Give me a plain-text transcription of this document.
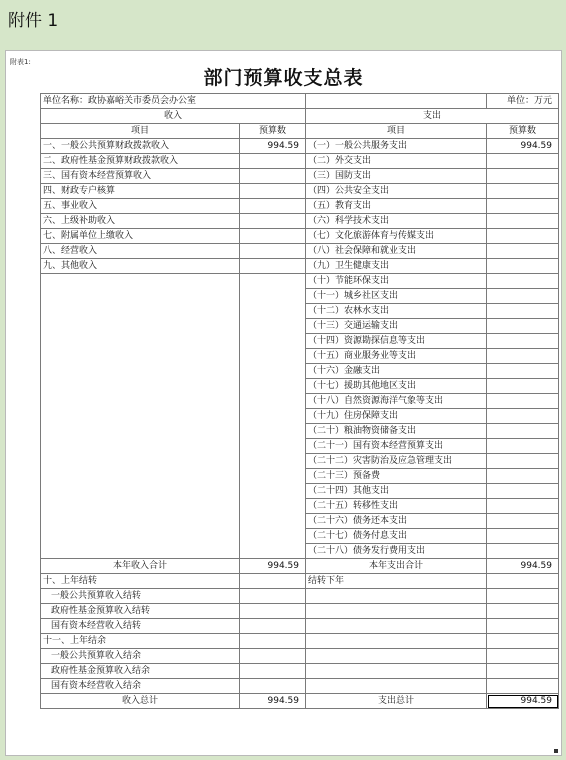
附件 1
附表1:
部门预算收支总表
单位名称：政协嘉峪关市委员会办公室			单位：万元
收入		支出	
项目	预算数	项目	预算数
一、一般公共预算财政拨款收入	994.59	（一）一般公共服务支出	994.59
二、政府性基金预算财政拨款收入		（二）外交支出	
三、国有资本经营预算收入		（三）国防支出	
四、财政专户核算		（四）公共安全支出	
五、事业收入		（五）教育支出	
六、上级补助收入		（六）科学技术支出	
七、附属单位上缴收入		（七）文化旅游体育与传媒支出	
八、经营收入		（八）社会保障和就业支出	
九、其他收入		（九）卫生健康支出	
		（十）节能环保支出	
		（十一）城乡社区支出	
		（十二）农林水支出	
		（十三）交通运输支出	
		（十四）资源勘探信息等支出	
		（十五）商业服务业等支出	
		（十六）金融支出	
		（十七）援助其他地区支出	
		（十八）自然资源海洋气象等支出	
		（十九）住房保障支出	
		（二十）粮油物资储备支出	
		（二十一）国有资本经营预算支出	
		（二十二）灾害防治及应急管理支出	
		（二十三）预备费	
		（二十四）其他支出	
		（二十五）转移性支出	
		（二十六）债务还本支出	
		（二十七）债务付息支出	
		（二十八）债务发行费用支出	
本年收入合计	994.59	本年支出合计	994.59
十、上年结转		结转下年	
一般公共预算收入结转			
政府性基金预算收入结转			
国有资本经营收入结转			
十一、上年结余			
一般公共预算收入结余			
政府性基金预算收入结余			
国有资本经营收入结余			
收入总计	994.59	支出总计	994.59
